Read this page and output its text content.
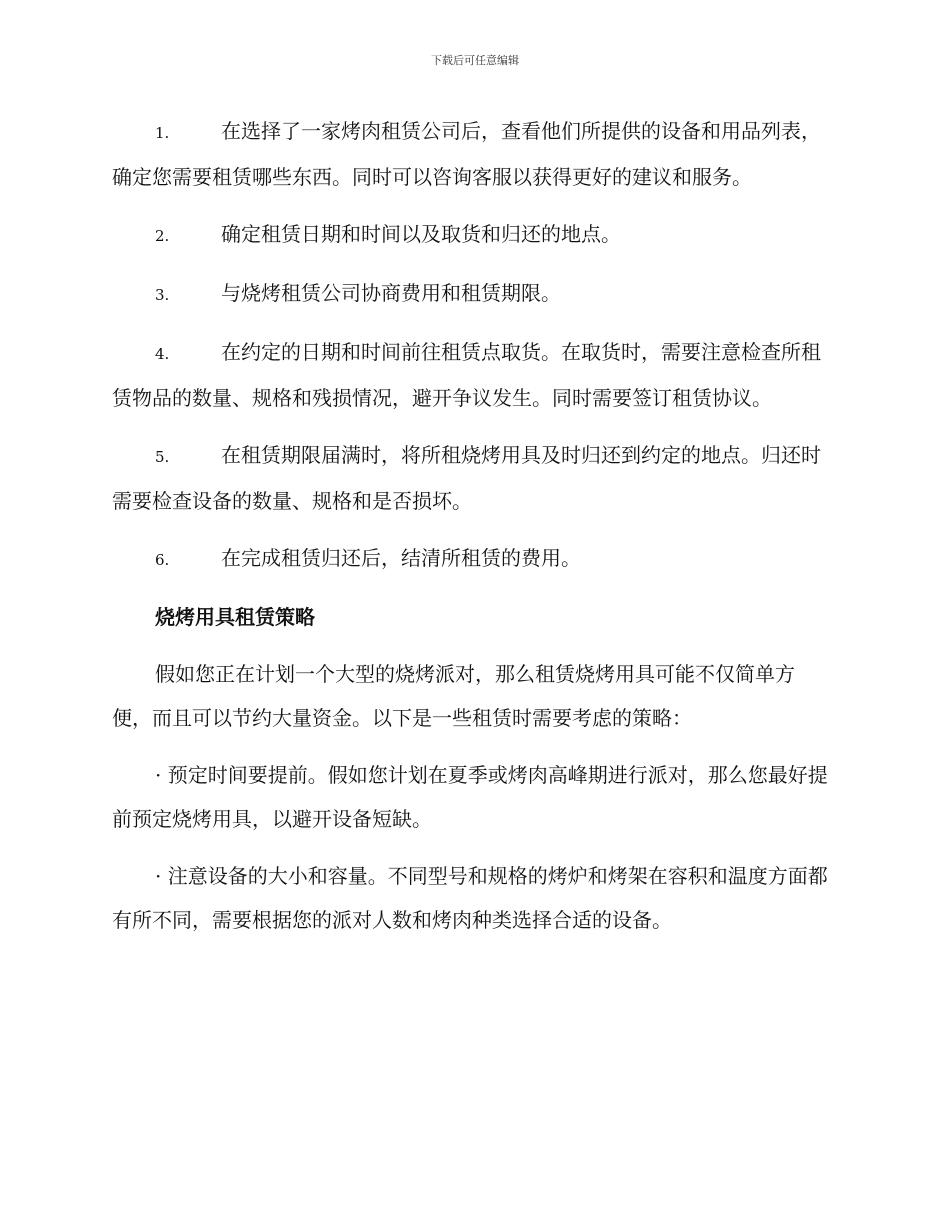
下载后可任意编辑

1.	在选择了一家烤肉租赁公司后，查看他们所提供的设备和用品列表，确定您需要租赁哪些东西。同时可以咨询客服以获得更好的建议和服务。

2.	确定租赁日期和时间以及取货和归还的地点。

3.	与烧烤租赁公司协商费用和租赁期限。

4.	在约定的日期和时间前往租赁点取货。在取货时，需要注意检查所租赁物品的数量、规格和残损情况，避开争议发生。同时需要签订租赁协议。

5.	在租赁期限届满时，将所租烧烤用具及时归还到约定的地点。归还时需要检查设备的数量、规格和是否损坏。

6.	在完成租赁归还后，结清所租赁的费用。

烧烤用具租赁策略

假如您正在计划一个大型的烧烤派对，那么租赁烧烤用具可能不仅简单方便，而且可以节约大量资金。以下是一些租赁时需要考虑的策略：

· 预定时间要提前。假如您计划在夏季或烤肉高峰期进行派对，那么您最好提前预定烧烤用具，以避开设备短缺。

· 注意设备的大小和容量。不同型号和规格的烤炉和烤架在容积和温度方面都有所不同，需要根据您的派对人数和烤肉种类选择合适的设备。
